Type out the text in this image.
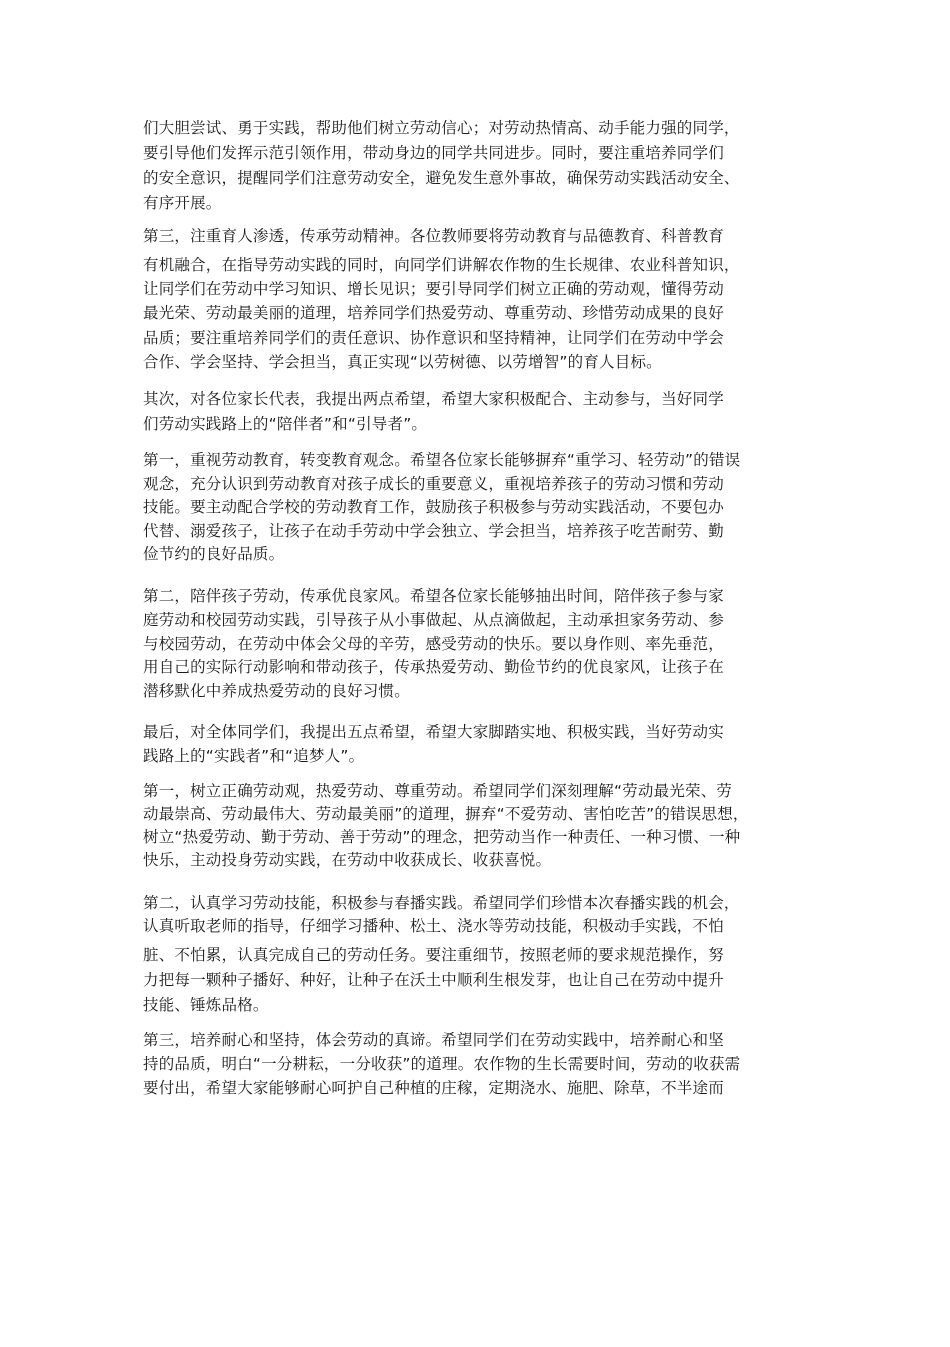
们大胆尝试、勇于实践，帮助他们树立劳动信心；对劳动热情高、动手能力强的同学，
要引导他们发挥示范引领作用，带动身边的同学共同进步。同时，要注重培养同学们
的安全意识，提醒同学们注意劳动安全，避免发生意外事故，确保劳动实践活动安全、
有序开展。
第三，注重育人渗透，传承劳动精神。各位教师要将劳动教育与品德教育、科普教育
有机融合，在指导劳动实践的同时，向同学们讲解农作物的生长规律、农业科普知识，
让同学们在劳动中学习知识、增长见识；要引导同学们树立正确的劳动观，懂得劳动
最光荣、劳动最美丽的道理，培养同学们热爱劳动、尊重劳动、珍惜劳动成果的良好
品质；要注重培养同学们的责任意识、协作意识和坚持精神，让同学们在劳动中学会
合作、学会坚持、学会担当，真正实现“以劳树德、以劳增智”的育人目标。
其次，对各位家长代表，我提出两点希望，希望大家积极配合、主动参与，当好同学
们劳动实践路上的“陪伴者”和“引导者”。
第一，重视劳动教育，转变教育观念。希望各位家长能够摒弃“重学习、轻劳动”的错误
观念，充分认识到劳动教育对孩子成长的重要意义，重视培养孩子的劳动习惯和劳动
技能。要主动配合学校的劳动教育工作，鼓励孩子积极参与劳动实践活动，不要包办
代替、溺爱孩子，让孩子在动手劳动中学会独立、学会担当，培养孩子吃苦耐劳、勤
俭节约的良好品质。
第二，陪伴孩子劳动，传承优良家风。希望各位家长能够抽出时间，陪伴孩子参与家
庭劳动和校园劳动实践，引导孩子从小事做起、从点滴做起，主动承担家务劳动、参
与校园劳动，在劳动中体会父母的辛劳，感受劳动的快乐。要以身作则、率先垂范，
用自己的实际行动影响和带动孩子，传承热爱劳动、勤俭节约的优良家风，让孩子在
潜移默化中养成热爱劳动的良好习惯。
最后，对全体同学们，我提出五点希望，希望大家脚踏实地、积极实践，当好劳动实
践路上的“实践者”和“追梦人”。
第一，树立正确劳动观，热爱劳动、尊重劳动。希望同学们深刻理解“劳动最光荣、劳
动最崇高、劳动最伟大、劳动最美丽”的道理，摒弃“不爱劳动、害怕吃苦”的错误思想，
树立“热爱劳动、勤于劳动、善于劳动”的理念，把劳动当作一种责任、一种习惯、一种
快乐，主动投身劳动实践，在劳动中收获成长、收获喜悦。
第二，认真学习劳动技能，积极参与春播实践。希望同学们珍惜本次春播实践的机会，
认真听取老师的指导，仔细学习播种、松土、浇水等劳动技能，积极动手实践，不怕
脏、不怕累，认真完成自己的劳动任务。要注重细节，按照老师的要求规范操作，努
力把每一颗种子播好、种好，让种子在沃土中顺利生根发芽，也让自己在劳动中提升
技能、锤炼品格。
第三，培养耐心和坚持，体会劳动的真谛。希望同学们在劳动实践中，培养耐心和坚
持的品质，明白“一分耕耘，一分收获”的道理。农作物的生长需要时间，劳动的收获需
要付出，希望大家能够耐心呵护自己种植的庄稼，定期浇水、施肥、除草，不半途而
